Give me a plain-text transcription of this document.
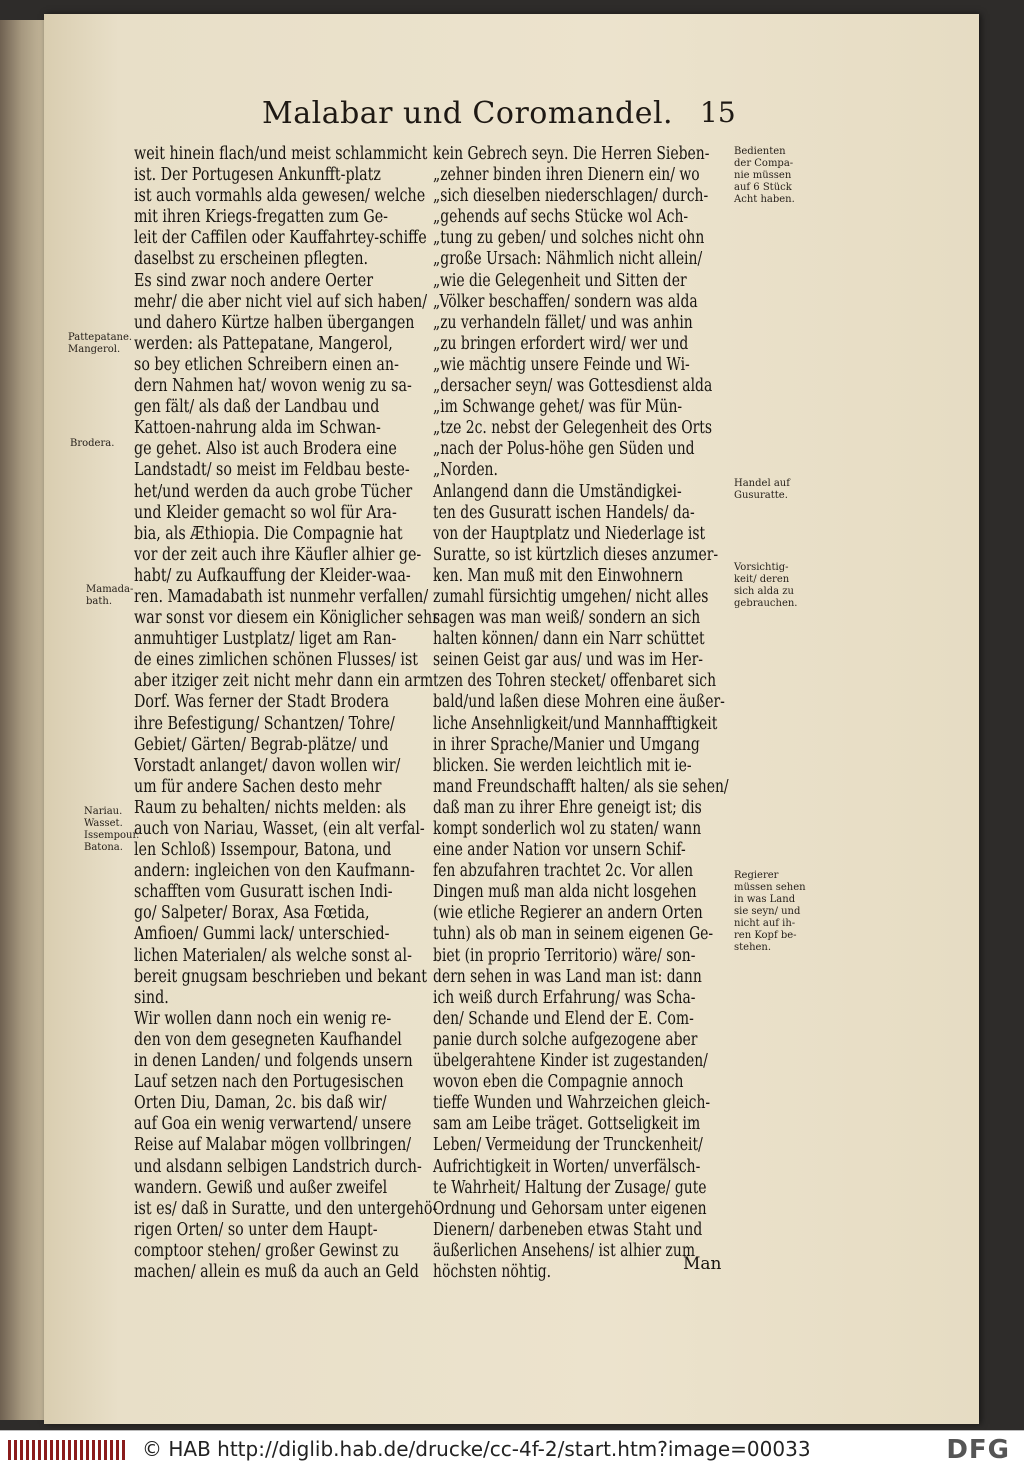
Malabar und Coromandel. 15
weit hinein flach/und meist schlammicht
ist. Der Portugesen Ankunfft-platz
ist auch vormahls alda gewesen/ welche
mit ihren Kriegs-fregatten zum Ge-
leit der Caffilen oder Kauffahrtey-schiffe
daselbst zu erscheinen pflegten.
Es sind zwar noch andere Oerter
mehr/ die aber nicht viel auf sich haben/
und dahero Kürtze halben übergangen
werden: als Pattepatane, Mangerol,
so bey etlichen Schreibern einen an-
dern Nahmen hat/ wovon wenig zu sa-
gen fält/ als daß der Landbau und
Kattoen-nahrung alda im Schwan-
ge gehet. Also ist auch Brodera eine
Landstadt/ so meist im Feldbau beste-
het/und werden da auch grobe Tücher
und Kleider gemacht so wol für Ara-
bia, als Æthiopia. Die Compagnie hat
vor der zeit auch ihre Käufler alhier ge-
habt/ zu Aufkauffung der Kleider-waa-
ren. Mamadabath ist nunmehr verfallen/
war sonst vor diesem ein Königlicher sehr
anmuhtiger Lustplatz/ liget am Ran-
de eines zimlichen schönen Flusses/ ist
aber itziger zeit nicht mehr dann ein arm
Dorf. Was ferner der Stadt Brodera
ihre Befestigung/ Schantzen/ Tohre/
Gebiet/ Gärten/ Begrab-plätze/ und
Vorstadt anlanget/ davon wollen wir/
um für andere Sachen desto mehr
Raum zu behalten/ nichts melden: als
auch von Nariau, Wasset, (ein alt verfal-
len Schloß) Issempour, Batona, und
andern: ingleichen von den Kaufmann-
schafften vom Gusuratt ischen Indi-
go/ Salpeter/ Borax, Asa Fœtida,
Amfioen/ Gummi lack/ unterschied-
lichen Materialen/ als welche sonst al-
bereit gnugsam beschrieben und bekant
sind.
Wir wollen dann noch ein wenig re-
den von dem gesegneten Kaufhandel
in denen Landen/ und folgends unsern
Lauf setzen nach den Portugesischen
Orten Diu, Daman, 2c. bis daß wir/
auf Goa ein wenig verwartend/ unsere
Reise auf Malabar mögen vollbringen/
und alsdann selbigen Landstrich durch-
wandern. Gewiß und außer zweifel
ist es/ daß in Suratte, und den untergehö-
rigen Orten/ so unter dem Haupt-
comptoor stehen/ großer Gewinst zu
machen/ allein es muß da auch an Geld
kein Gebrech seyn. Die Herren Sieben-
„zehner binden ihren Dienern ein/ wo
„sich dieselben niederschlagen/ durch-
„gehends auf sechs Stücke wol Ach-
„tung zu geben/ und solches nicht ohn
„große Ursach: Nähmlich nicht allein/
„wie die Gelegenheit und Sitten der
„Völker beschaffen/ sondern was alda
„zu verhandeln fället/ und was anhin
„zu bringen erfordert wird/ wer und
„wie mächtig unsere Feinde und Wi-
„dersacher seyn/ was Gottesdienst alda
„im Schwange gehet/ was für Mün-
„tze 2c. nebst der Gelegenheit des Orts
„nach der Polus-höhe gen Süden und
„Norden.
Anlangend dann die Umständigkei-
ten des Gusuratt ischen Handels/ da-
von der Hauptplatz und Niederlage ist
Suratte, so ist kürtzlich dieses anzumer-
ken. Man muß mit den Einwohnern
zumahl fürsichtig umgehen/ nicht alles
sagen was man weiß/ sondern an sich
halten können/ dann ein Narr schüttet
seinen Geist gar aus/ und was im Her-
tzen des Tohren stecket/ offenbaret sich
bald/und laßen diese Mohren eine äußer-
liche Ansehnligkeit/und Mannhafftigkeit
in ihrer Sprache/Manier und Umgang
blicken. Sie werden leichtlich mit ie-
mand Freundschafft halten/ als sie sehen/
daß man zu ihrer Ehre geneigt ist; dis
kompt sonderlich wol zu staten/ wann
eine ander Nation vor unsern Schif-
fen abzufahren trachtet 2c. Vor allen
Dingen muß man alda nicht losgehen
(wie etliche Regierer an andern Orten
tuhn) als ob man in seinem eigenen Ge-
biet (in proprio Territorio) wäre/ son-
dern sehen in was Land man ist: dann
ich weiß durch Erfahrung/ was Scha-
den/ Schande und Elend der E. Com-
panie durch solche aufgezogene aber
übelgerahtene Kinder ist zugestanden/
wovon eben die Compagnie annoch
tieffe Wunden und Wahrzeichen gleich-
sam am Leibe träget. Gottseligkeit im
Leben/ Vermeidung der Trunckenheit/
Aufrichtigkeit in Worten/ unverfälsch-
te Wahrheit/ Haltung der Zusage/ gute
Ordnung und Gehorsam unter eigenen
Dienern/ darbeneben etwas Staht und
äußerlichen Ansehens/ ist alhier zum
höchsten nöhtig.
Pattepatane.
Mangerol.
Brodera.
Mamada-
bath.
Nariau.
Wasset.
Issempour.
Batona.
Bedienten
der Compa-
nie müssen
auf 6 Stück
Acht haben.
Handel auf
Gusuratte.
Vorsichtig-
keit/ deren
sich alda zu
gebrauchen.
Regierer
müssen sehen
in was Land
sie seyn/ und
nicht auf ih-
ren Kopf be-
stehen.
Man
© HAB http://diglib.hab.de/drucke/cc-4f-2/start.htm?image=00033	DFG
